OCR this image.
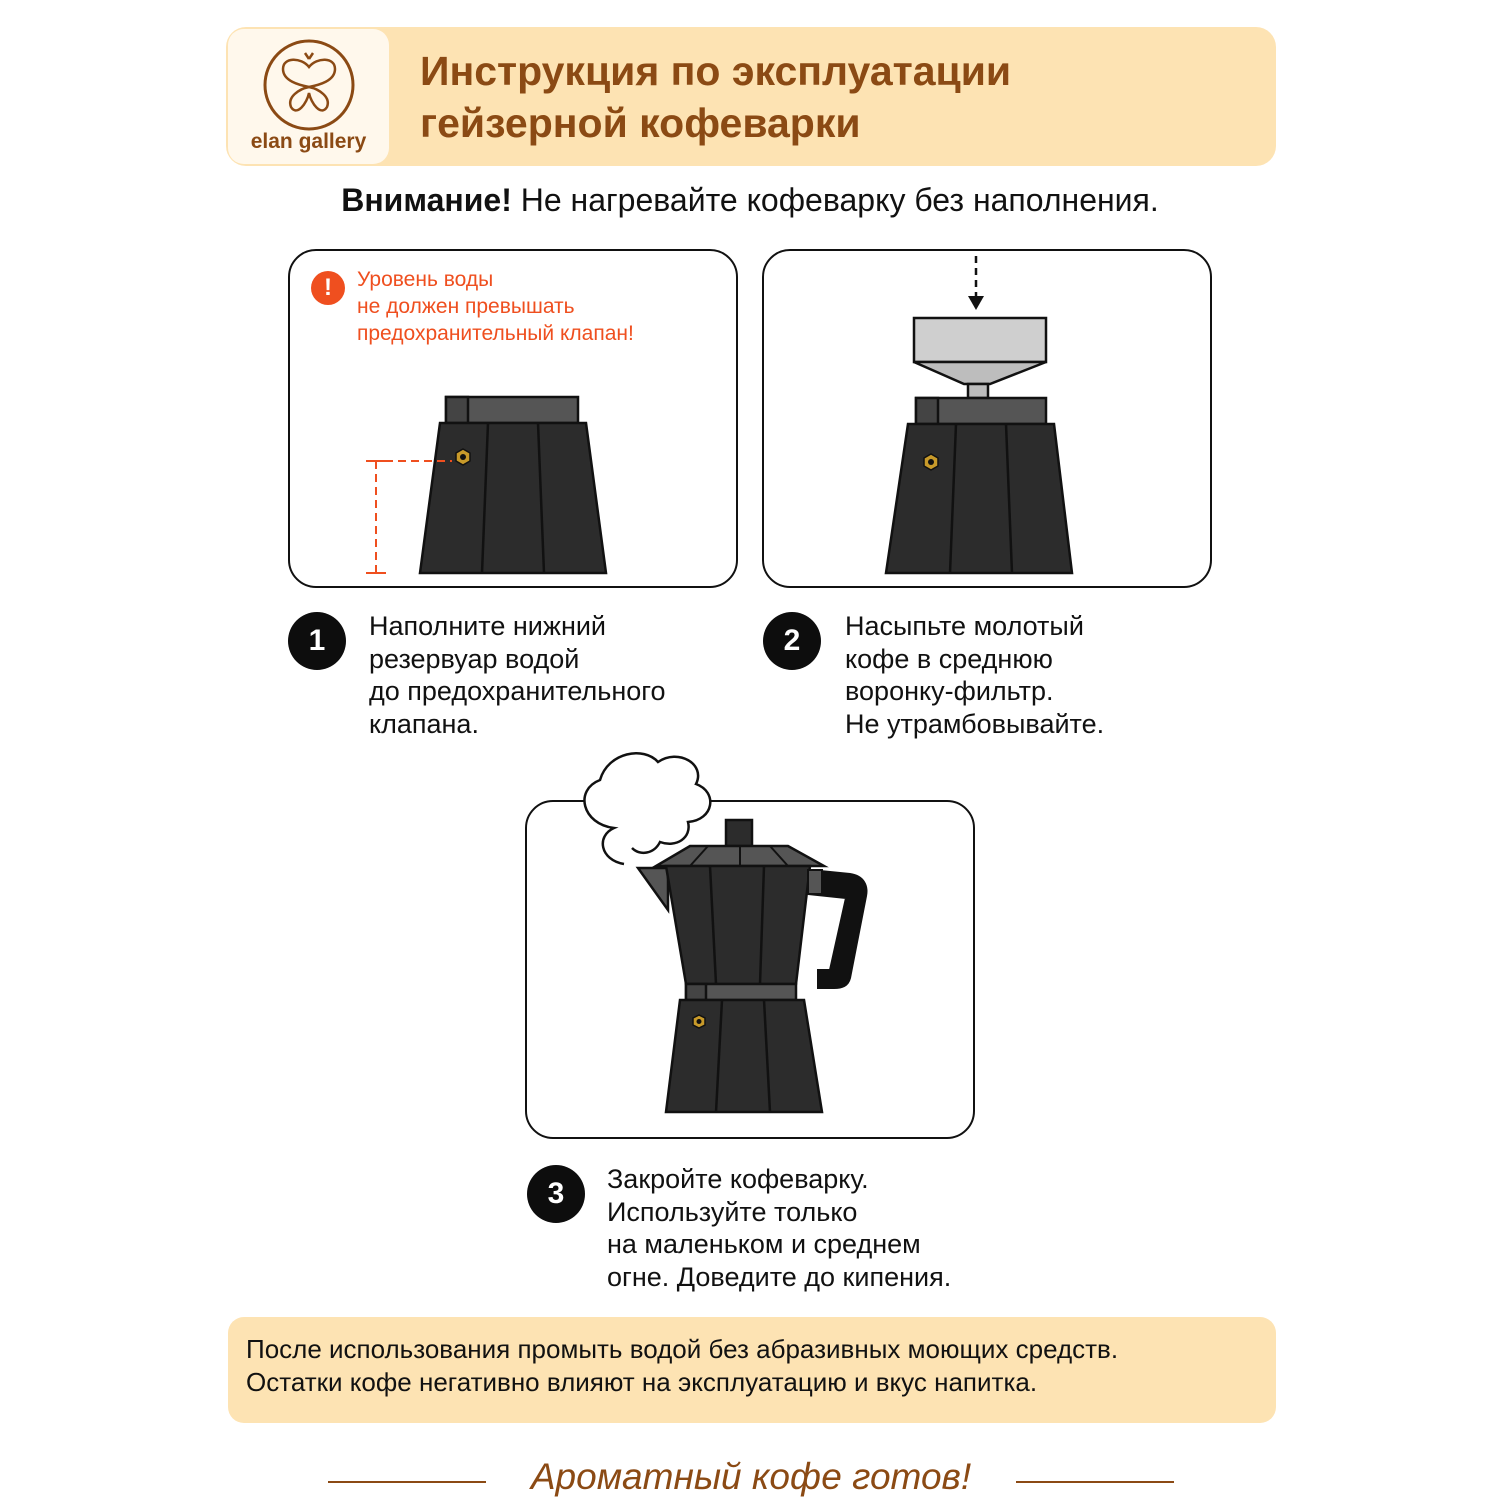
elan gallery
Инструкция по эксплуатации
гейзерной кофеварки
Внимание! Не нагревайте кофеварку без наполнения.
!	Уровень воды
не должен превышать
предохранительный клапан!
1	Наполните нижний
резервуар водой
до предохранительного
клапана.
2	Насыпьте молотый
кофе в среднюю
воронку-фильтр.
Не утрамбовывайте.
3	Закройте кофеварку.
Используйте только
на маленьком и среднем
огне. Доведите до кипения.
После использования промыть водой без абразивных моющих средств.
Остатки кофе негативно влияют на эксплуатацию и вкус напитка.
Ароматный кофе готов!
